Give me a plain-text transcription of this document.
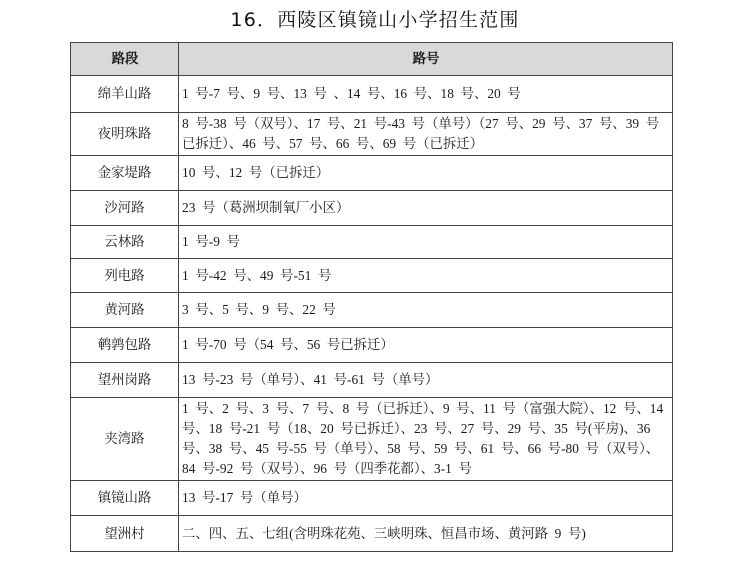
16．西陵区镇镜山小学招生范围
路段	路号
绵羊山路	1 号-7 号、9 号、13 号 、14 号、16 号、18 号、20 号
夜明珠路	8 号-38 号（双号）、17 号、21 号-43 号（单号）（27 号、29 号、37 号、39 号已拆迁）、46 号、57 号、66 号、69 号（已拆迁）
金家堤路	10 号、12 号（已拆迁）
沙河路	23 号（葛洲坝制氧厂小区）
云林路	1 号-9 号
列电路	1 号-42 号、49 号-51 号
黄河路	3 号、5 号、9 号、22 号
鹌鹑包路	1 号-70 号（54 号、56 号已拆迁）
望州岗路	13 号-23 号（单号）、41 号-61 号（单号）
夹湾路	1 号、2 号、3 号、7 号、8 号（已拆迁）、9 号、11 号（富强大院）、12 号、14 号、18 号-21 号（18、20 号已拆迁）、23 号、27 号、29 号、35 号(平房)、36 号、38 号、45 号-55 号（单号）、58 号、59 号、61 号、66 号-80 号（双号）、84 号-92 号（双号）、96 号（四季花都）、3-1 号
镇镜山路	13 号-17 号（单号）
望洲村	二、四、五、七组(含明珠花苑、三峡明珠、恒昌市场、黄河路 9 号)
